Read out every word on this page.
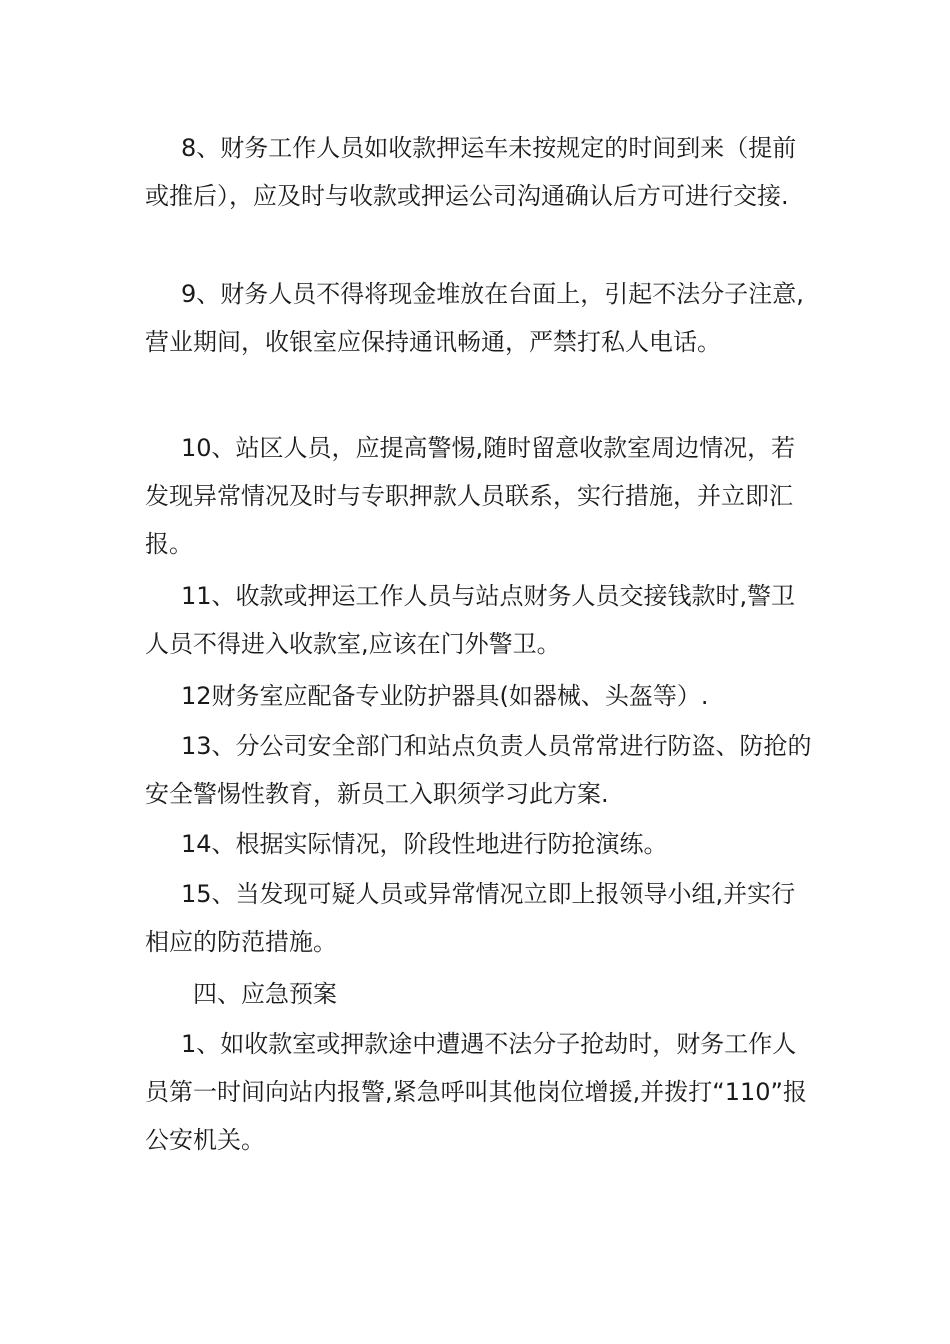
8、财务工作人员如收款押运车未按规定的时间到来（提前或推后），应及时与收款或押运公司沟通确认后方可进行交接.

9、财务人员不得将现金堆放在台面上，引起不法分子注意,营业期间，收银室应保持通讯畅通，严禁打私人电话。

10、站区人员，应提高警惕,随时留意收款室周边情况，若发现异常情况及时与专职押款人员联系，实行措施，并立即汇报。

11、收款或押运工作人员与站点财务人员交接钱款时,警卫人员不得进入收款室,应该在门外警卫。

12财务室应配备专业防护器具(如器械、头盔等）.

13、分公司安全部门和站点负责人员常常进行防盗、防抢的安全警惕性教育，新员工入职须学习此方案.

14、根据实际情况，阶段性地进行防抢演练。

15、当发现可疑人员或异常情况立即上报领导小组,并实行相应的防范措施。

四、应急预案

1、如收款室或押款途中遭遇不法分子抢劫时，财务工作人员第一时间向站内报警,紧急呼叫其他岗位增援,并拨打“110”报公安机关。
